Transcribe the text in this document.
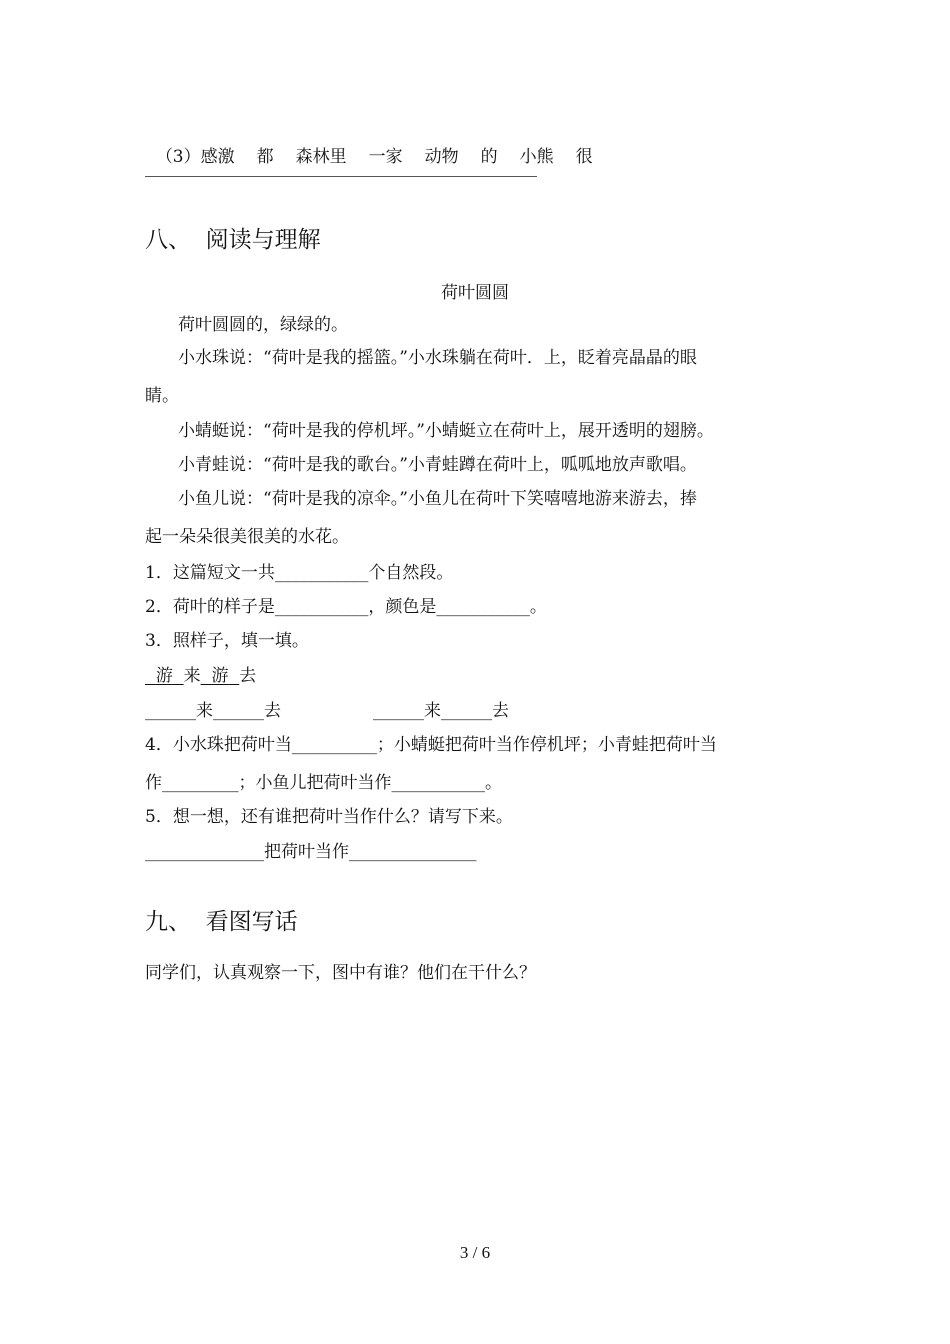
（3）感激 都 森林里 一家 动物 的 小熊 很

八、  阅读与理解
荷叶圆圆
荷叶圆圆的，绿绿的。
小水珠说：“荷叶是我的摇篮。”小水珠躺在荷叶．上，眨着亮晶晶的眼
睛。
小蜻蜓说：“荷叶是我的停机坪。”小蜻蜓立在荷叶上，展开透明的翅膀。
小青蛙说：“荷叶是我的歌台。”小青蛙蹲在荷叶上，呱呱地放声歌唱。
小鱼儿说：“荷叶是我的凉伞。”小鱼儿在荷叶下笑嘻嘻地游来游去，捧
起一朵朵很美很美的水花。
1．这篇短文一共___________个自然段。
2．荷叶的样子是___________，颜色是___________。
3．照样子，填一填。
游 来 游 去
______来______去	______来______去
4．小水珠把荷叶当__________；小蜻蜓把荷叶当作停机坪；小青蛙把荷叶当
作_________；小鱼儿把荷叶当作___________。
5．想一想，还有谁把荷叶当作什么？请写下来。
______________把荷叶当作_______________
九、  看图写话
同学们，认真观察一下，图中有谁？他们在干什么？
3 / 6
